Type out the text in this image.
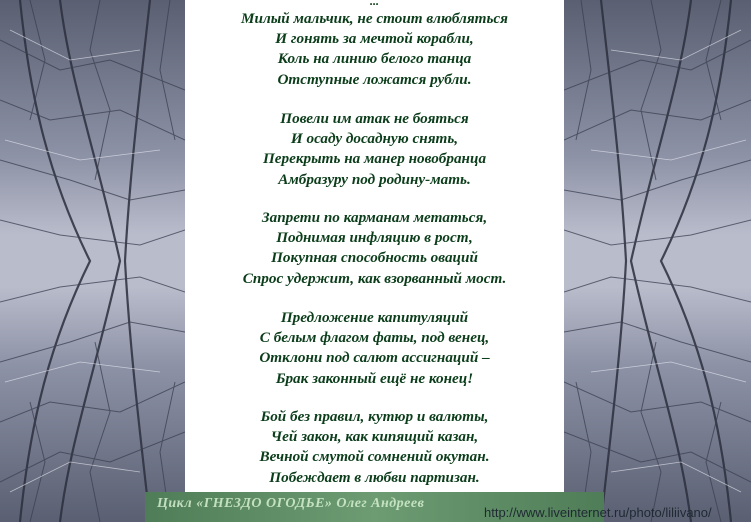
...
Милый мальчик, не стоит влюбляться
И гонять за мечтой корабли,
Коль на линию белого танца
Отступные ложатся рубли.
Повели им атак не бояться
И осаду досадную снять,
Перекрыть на манер новобранца
Амбразуру под родину-мать.
Запрети по карманам метаться,
Поднимая инфляцию в рост,
Покупная способность оваций
Спрос удержит, как взорванный мост.
Предложение капитуляций
С белым флагом фаты, под венец,
Отклони под салют ассигнаций –
Брак законный ещё не конец!
Бой без правил, кутюр и валюты,
Чей закон, как кипящий казан,
Вечной смутой сомнений окутан.
Побеждает в любви партизан.
Цикл «ГНЕЗДО ОГОДЬЕ» Олег Андреев
http://www.liveinternet.ru/photo/liliivano/
